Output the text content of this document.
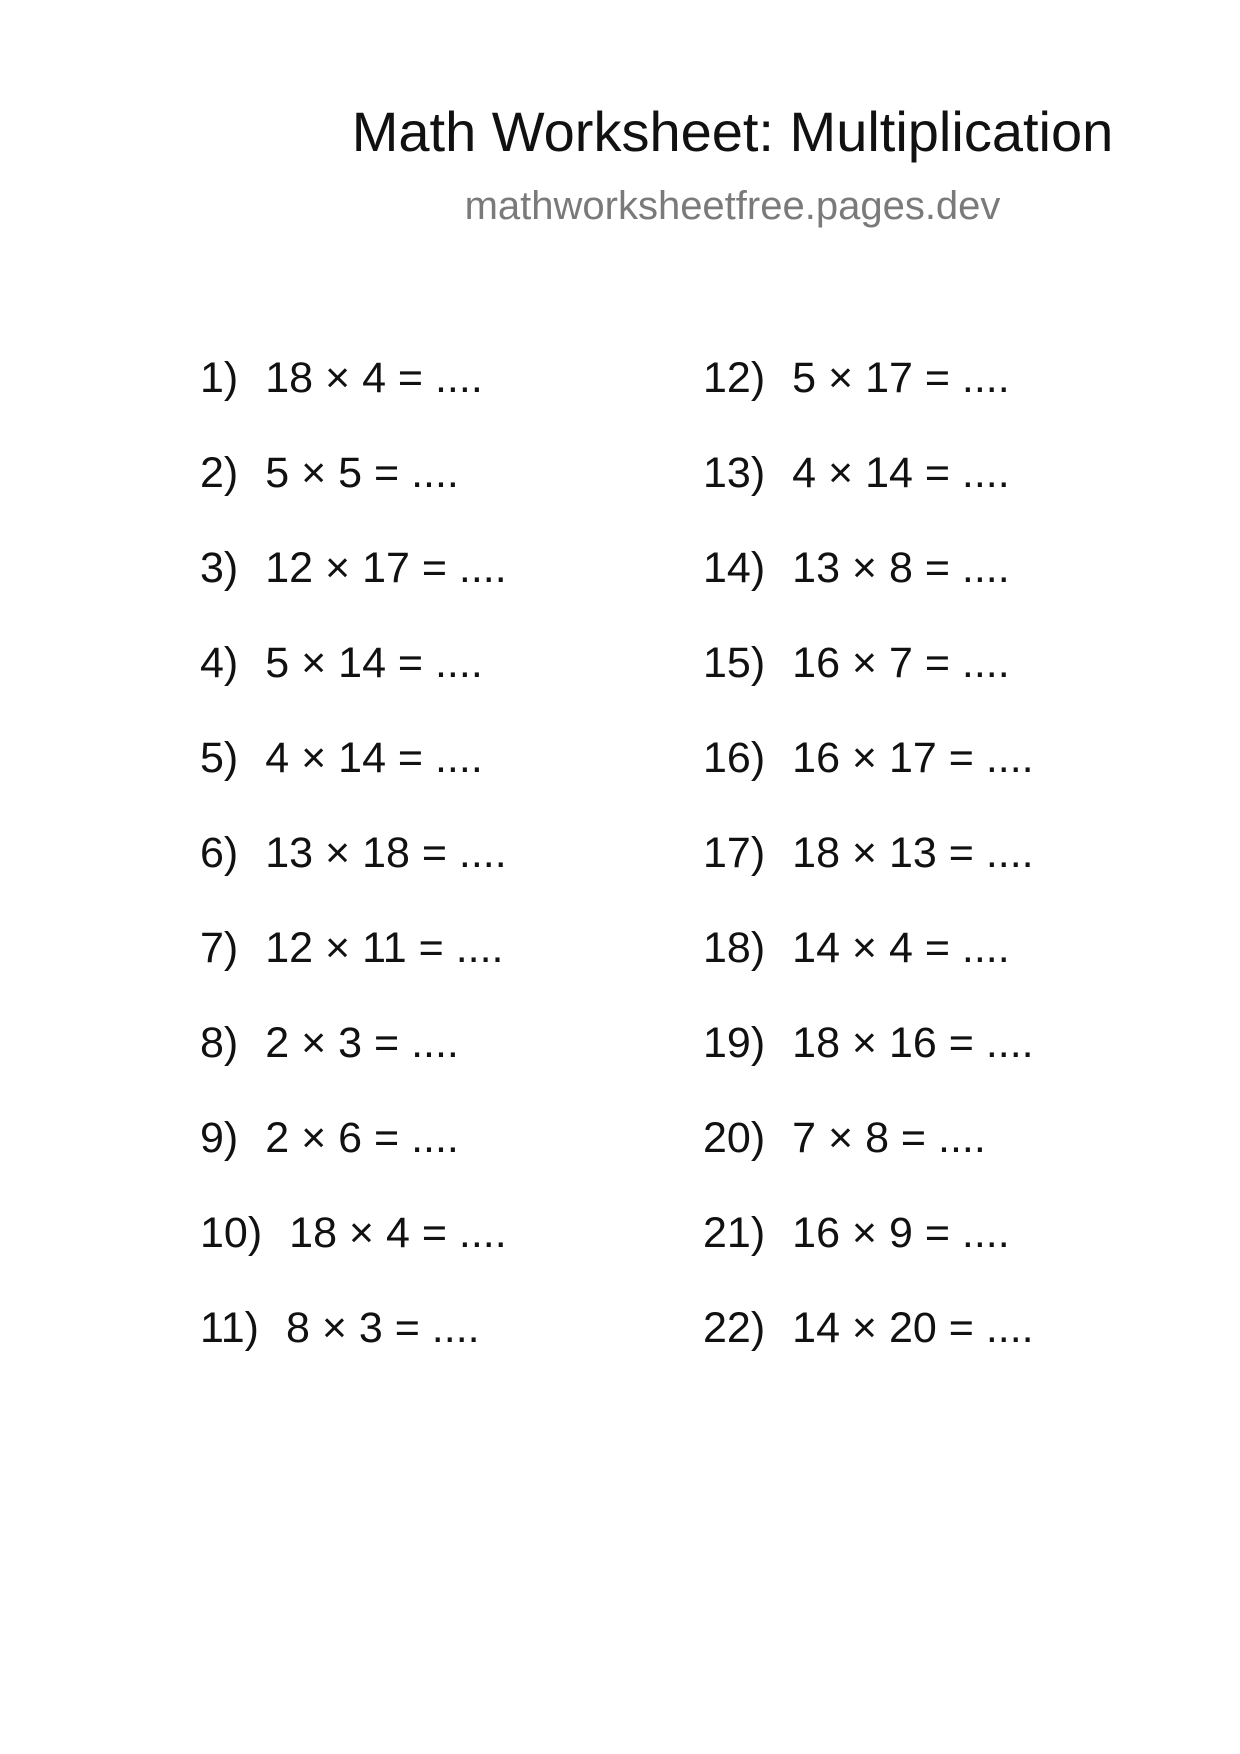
Math Worksheet: Multiplication
mathworksheetfree.pages.dev
1) 18 × 4 = ....
2) 5 × 5 = ....
3) 12 × 17 = ....
4) 5 × 14 = ....
5) 4 × 14 = ....
6) 13 × 18 = ....
7) 12 × 11 = ....
8) 2 × 3 = ....
9) 2 × 6 = ....
10) 18 × 4 = ....
11) 8 × 3 = ....
12) 5 × 17 = ....
13) 4 × 14 = ....
14) 13 × 8 = ....
15) 16 × 7 = ....
16) 16 × 17 = ....
17) 18 × 13 = ....
18) 14 × 4 = ....
19) 18 × 16 = ....
20) 7 × 8 = ....
21) 16 × 9 = ....
22) 14 × 20 = ....
